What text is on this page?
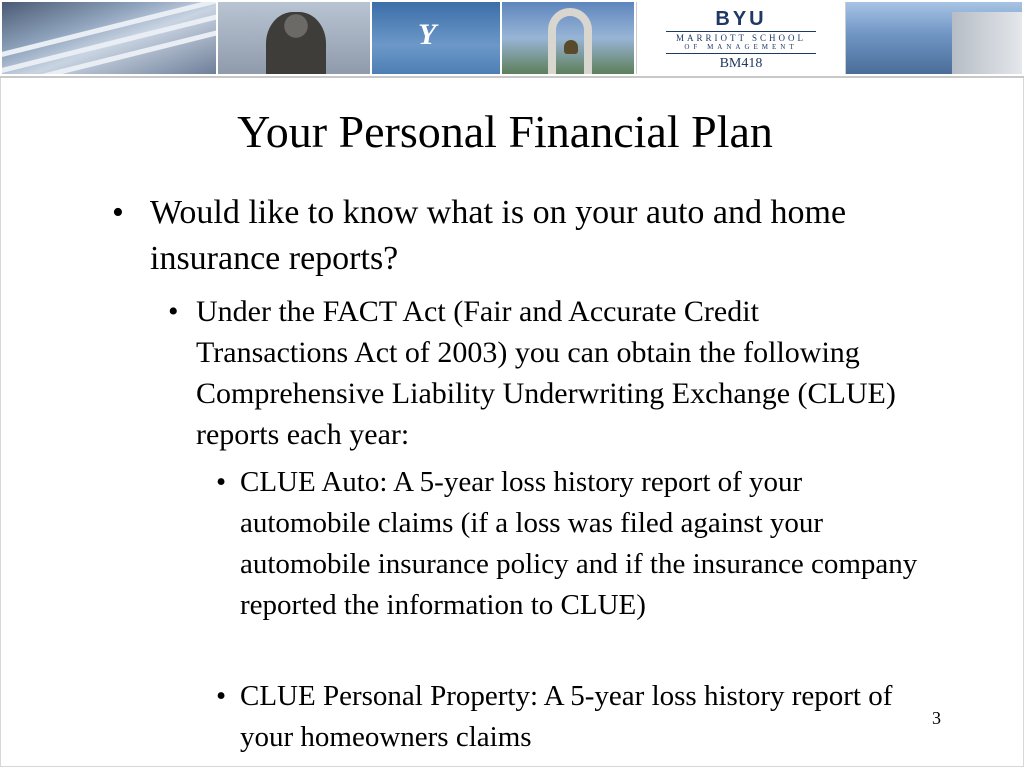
Y	BYU
MARRIOTT SCHOOL
OF MANAGEMENT
BM418
Your Personal Financial Plan
• Would like to know what is on your auto and home insurance reports?
• Under the FACT Act (Fair and Accurate Credit Transactions Act of 2003) you can obtain the following Comprehensive Liability Underwriting Exchange (CLUE) reports each year:
• CLUE Auto: A 5-year loss history report of your automobile claims (if a loss was filed against your automobile insurance policy and if the insurance company reported the information to CLUE)
• CLUE Personal Property: A 5-year loss history report of your homeowners claims
3
